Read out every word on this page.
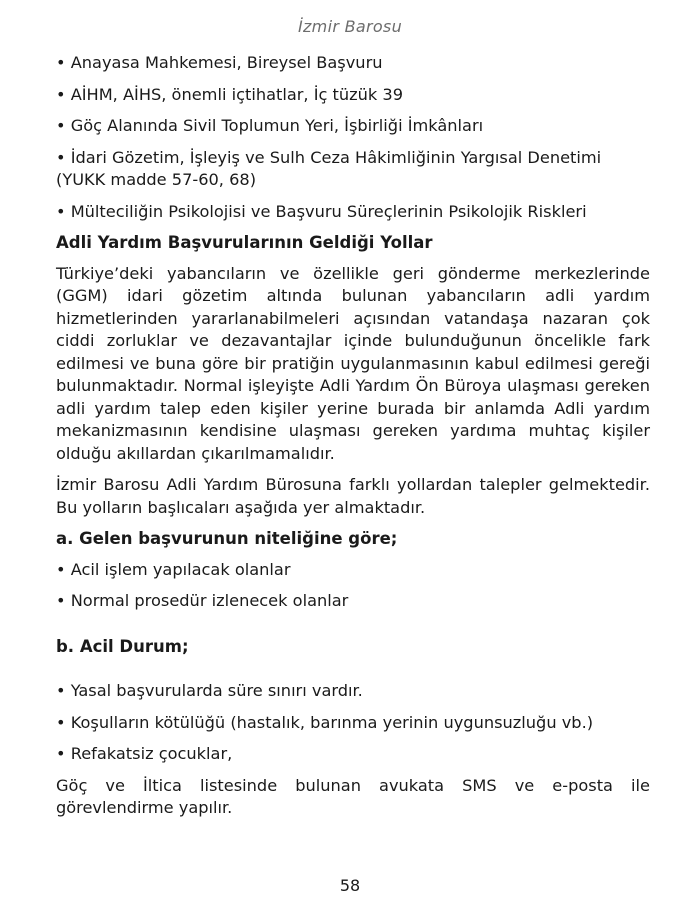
İzmir Barosu
• Anayasa Mahkemesi, Bireysel Başvuru
• AİHM, AİHS, önemli içtihatlar, İç tüzük 39
• Göç Alanında Sivil Toplumun Yeri, İşbirliği İmkânları
• İdari Gözetim, İşleyiş ve Sulh Ceza Hâkimliğinin Yargısal Denetimi (YUKK madde 57-60, 68)
• Mülteciliğin Psikolojisi ve Başvuru Süreçlerinin Psikolojik Riskleri
Adli Yardım Başvurularının Geldiği Yollar
Türkiye’deki yabancıların ve özellikle geri gönderme merkezlerinde (GGM) idari gözetim altında bulunan yabancıların adli yardım hizmetlerinden yararlanabilmeleri açısından vatandaşa nazaran çok ciddi zorluklar ve dezavantajlar içinde bulunduğunun öncelikle fark edilmesi ve buna göre bir pratiğin uygulanmasının kabul edilmesi gereği bulunmaktadır. Normal işleyişte Adli Yardım Ön Büroya ulaşması gereken adli yardım talep eden kişiler yerine burada bir anlamda Adli yardım mekanizmasının kendisine ulaşması gereken yardıma muhtaç kişiler olduğu akıllardan çıkarılmamalıdır.
İzmir Barosu Adli Yardım Bürosuna farklı yollardan talepler gelmektedir. Bu yolların başlıcaları aşağıda yer almaktadır.
a. Gelen başvurunun niteliğine göre;
• Acil işlem yapılacak olanlar
• Normal prosedür izlenecek olanlar
b. Acil Durum;
• Yasal başvurularda süre sınırı vardır.
• Koşulların kötülüğü (hastalık, barınma yerinin uygunsuzluğu vb.)
• Refakatsiz çocuklar,
Göç ve İltica listesinde bulunan avukata SMS ve e-posta ile görevlendirme yapılır.
58
